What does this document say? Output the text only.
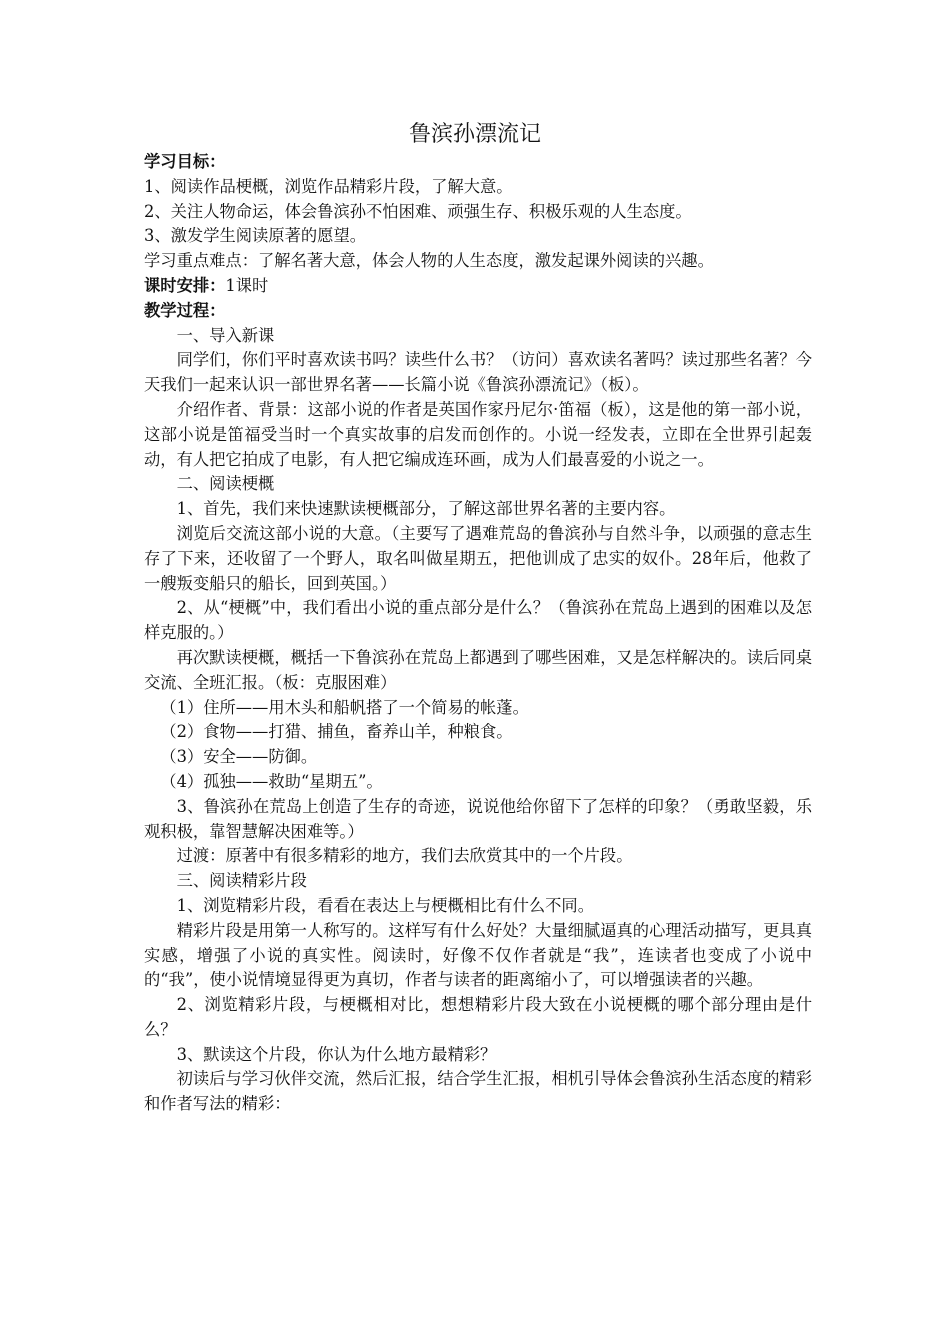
鲁滨孙漂流记

学习目标：

1、阅读作品梗概，浏览作品精彩片段，了解大意。

2、关注人物命运，体会鲁滨孙不怕困难、顽强生存、积极乐观的人生态度。

3、激发学生阅读原著的愿望。

学习重点难点：了解名著大意，体会人物的人生态度，激发起课外阅读的兴趣。

课时安排：1课时

教学过程：

一、导入新课

同学们，你们平时喜欢读书吗？读些什么书？（访问）喜欢读名著吗？读过那些名著？今天我们一起来认识一部世界名著——长篇小说《鲁滨孙漂流记》（板）。

介绍作者、背景：这部小说的作者是英国作家丹尼尔·笛福（板），这是他的第一部小说，这部小说是笛福受当时一个真实故事的启发而创作的。小说一经发表，立即在全世界引起轰动，有人把它拍成了电影，有人把它编成连环画，成为人们最喜爱的小说之一。

二、阅读梗概

1、首先，我们来快速默读梗概部分，了解这部世界名著的主要内容。

浏览后交流这部小说的大意。（主要写了遇难荒岛的鲁滨孙与自然斗争，以顽强的意志生存了下来，还收留了一个野人，取名叫做星期五，把他训成了忠实的奴仆。28年后，他救了一艘叛变船只的船长，回到英国。）

2、从“梗概”中，我们看出小说的重点部分是什么？（鲁滨孙在荒岛上遇到的困难以及怎样克服的。）

再次默读梗概，概括一下鲁滨孙在荒岛上都遇到了哪些困难，又是怎样解决的。读后同桌交流、全班汇报。（板：克服困难）

（1）住所——用木头和船帆搭了一个简易的帐蓬。

（2）食物——打猎、捕鱼，畜养山羊，种粮食。

（3）安全——防御。

（4）孤独——救助“星期五”。

3、鲁滨孙在荒岛上创造了生存的奇迹，说说他给你留下了怎样的印象？（勇敢坚毅，乐观积极，靠智慧解决困难等。）

过渡：原著中有很多精彩的地方，我们去欣赏其中的一个片段。

三、阅读精彩片段

1、浏览精彩片段，看看在表达上与梗概相比有什么不同。

精彩片段是用第一人称写的。这样写有什么好处？大量细腻逼真的心理活动描写，更具真实感，增强了小说的真实性。阅读时，好像不仅作者就是“我”，连读者也变成了小说中的“我”，使小说情境显得更为真切，作者与读者的距离缩小了，可以增强读者的兴趣。

2、浏览精彩片段，与梗概相对比，想想精彩片段大致在小说梗概的哪个部分理由是什么？

3、默读这个片段，你认为什么地方最精彩？

初读后与学习伙伴交流，然后汇报，结合学生汇报，相机引导体会鲁滨孙生活态度的精彩和作者写法的精彩：
